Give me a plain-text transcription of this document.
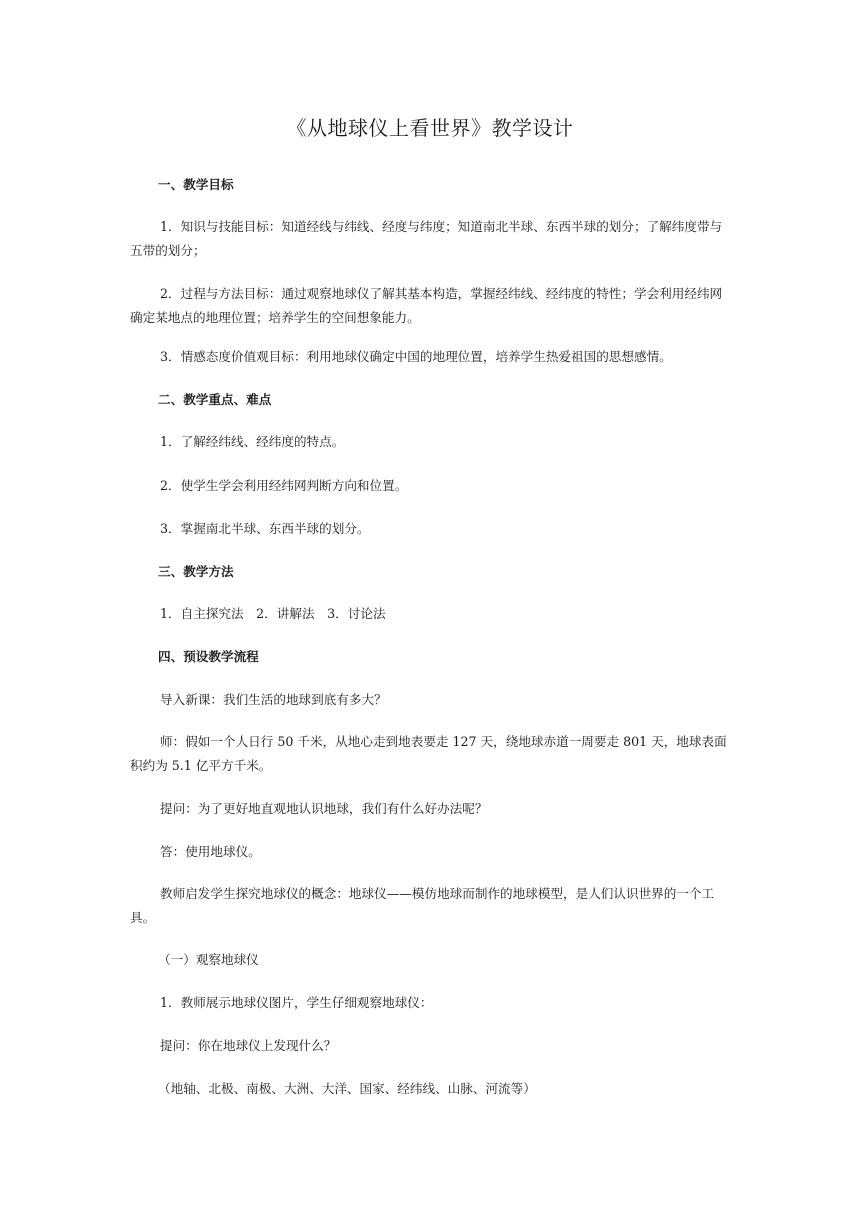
《从地球仪上看世界》教学设计
一、教学目标
1．知识与技能目标：知道经线与纬线、经度与纬度；知道南北半球、东西半球的划分；了解纬度带与五带的划分；
2．过程与方法目标：通过观察地球仪了解其基本构造，掌握经纬线、经纬度的特性；学会利用经纬网确定某地点的地理位置；培养学生的空间想象能力。
3．情感态度价值观目标：利用地球仪确定中国的地理位置，培养学生热爱祖国的思想感情。
二、教学重点、难点
1．了解经纬线、经纬度的特点。
2．使学生学会利用经纬网判断方向和位置。
3．掌握南北半球、东西半球的划分。
三、教学方法
1．自主探究法　2．讲解法　3．讨论法
四、预设教学流程
导入新课：我们生活的地球到底有多大？
师：假如一个人日行 50 千米，从地心走到地表要走 127 天，绕地球赤道一周要走 801 天，地球表面积约为 5.1 亿平方千米。
提问：为了更好地直观地认识地球，我们有什么好办法呢？
答：使用地球仪。
教师启发学生探究地球仪的概念：地球仪——模仿地球而制作的地球模型，是人们认识世界的一个工具。
（一）观察地球仪
1．教师展示地球仪图片，学生仔细观察地球仪：
提问：你在地球仪上发现什么？
（地轴、北极、南极、大洲、大洋、国家、经纬线、山脉、河流等）
